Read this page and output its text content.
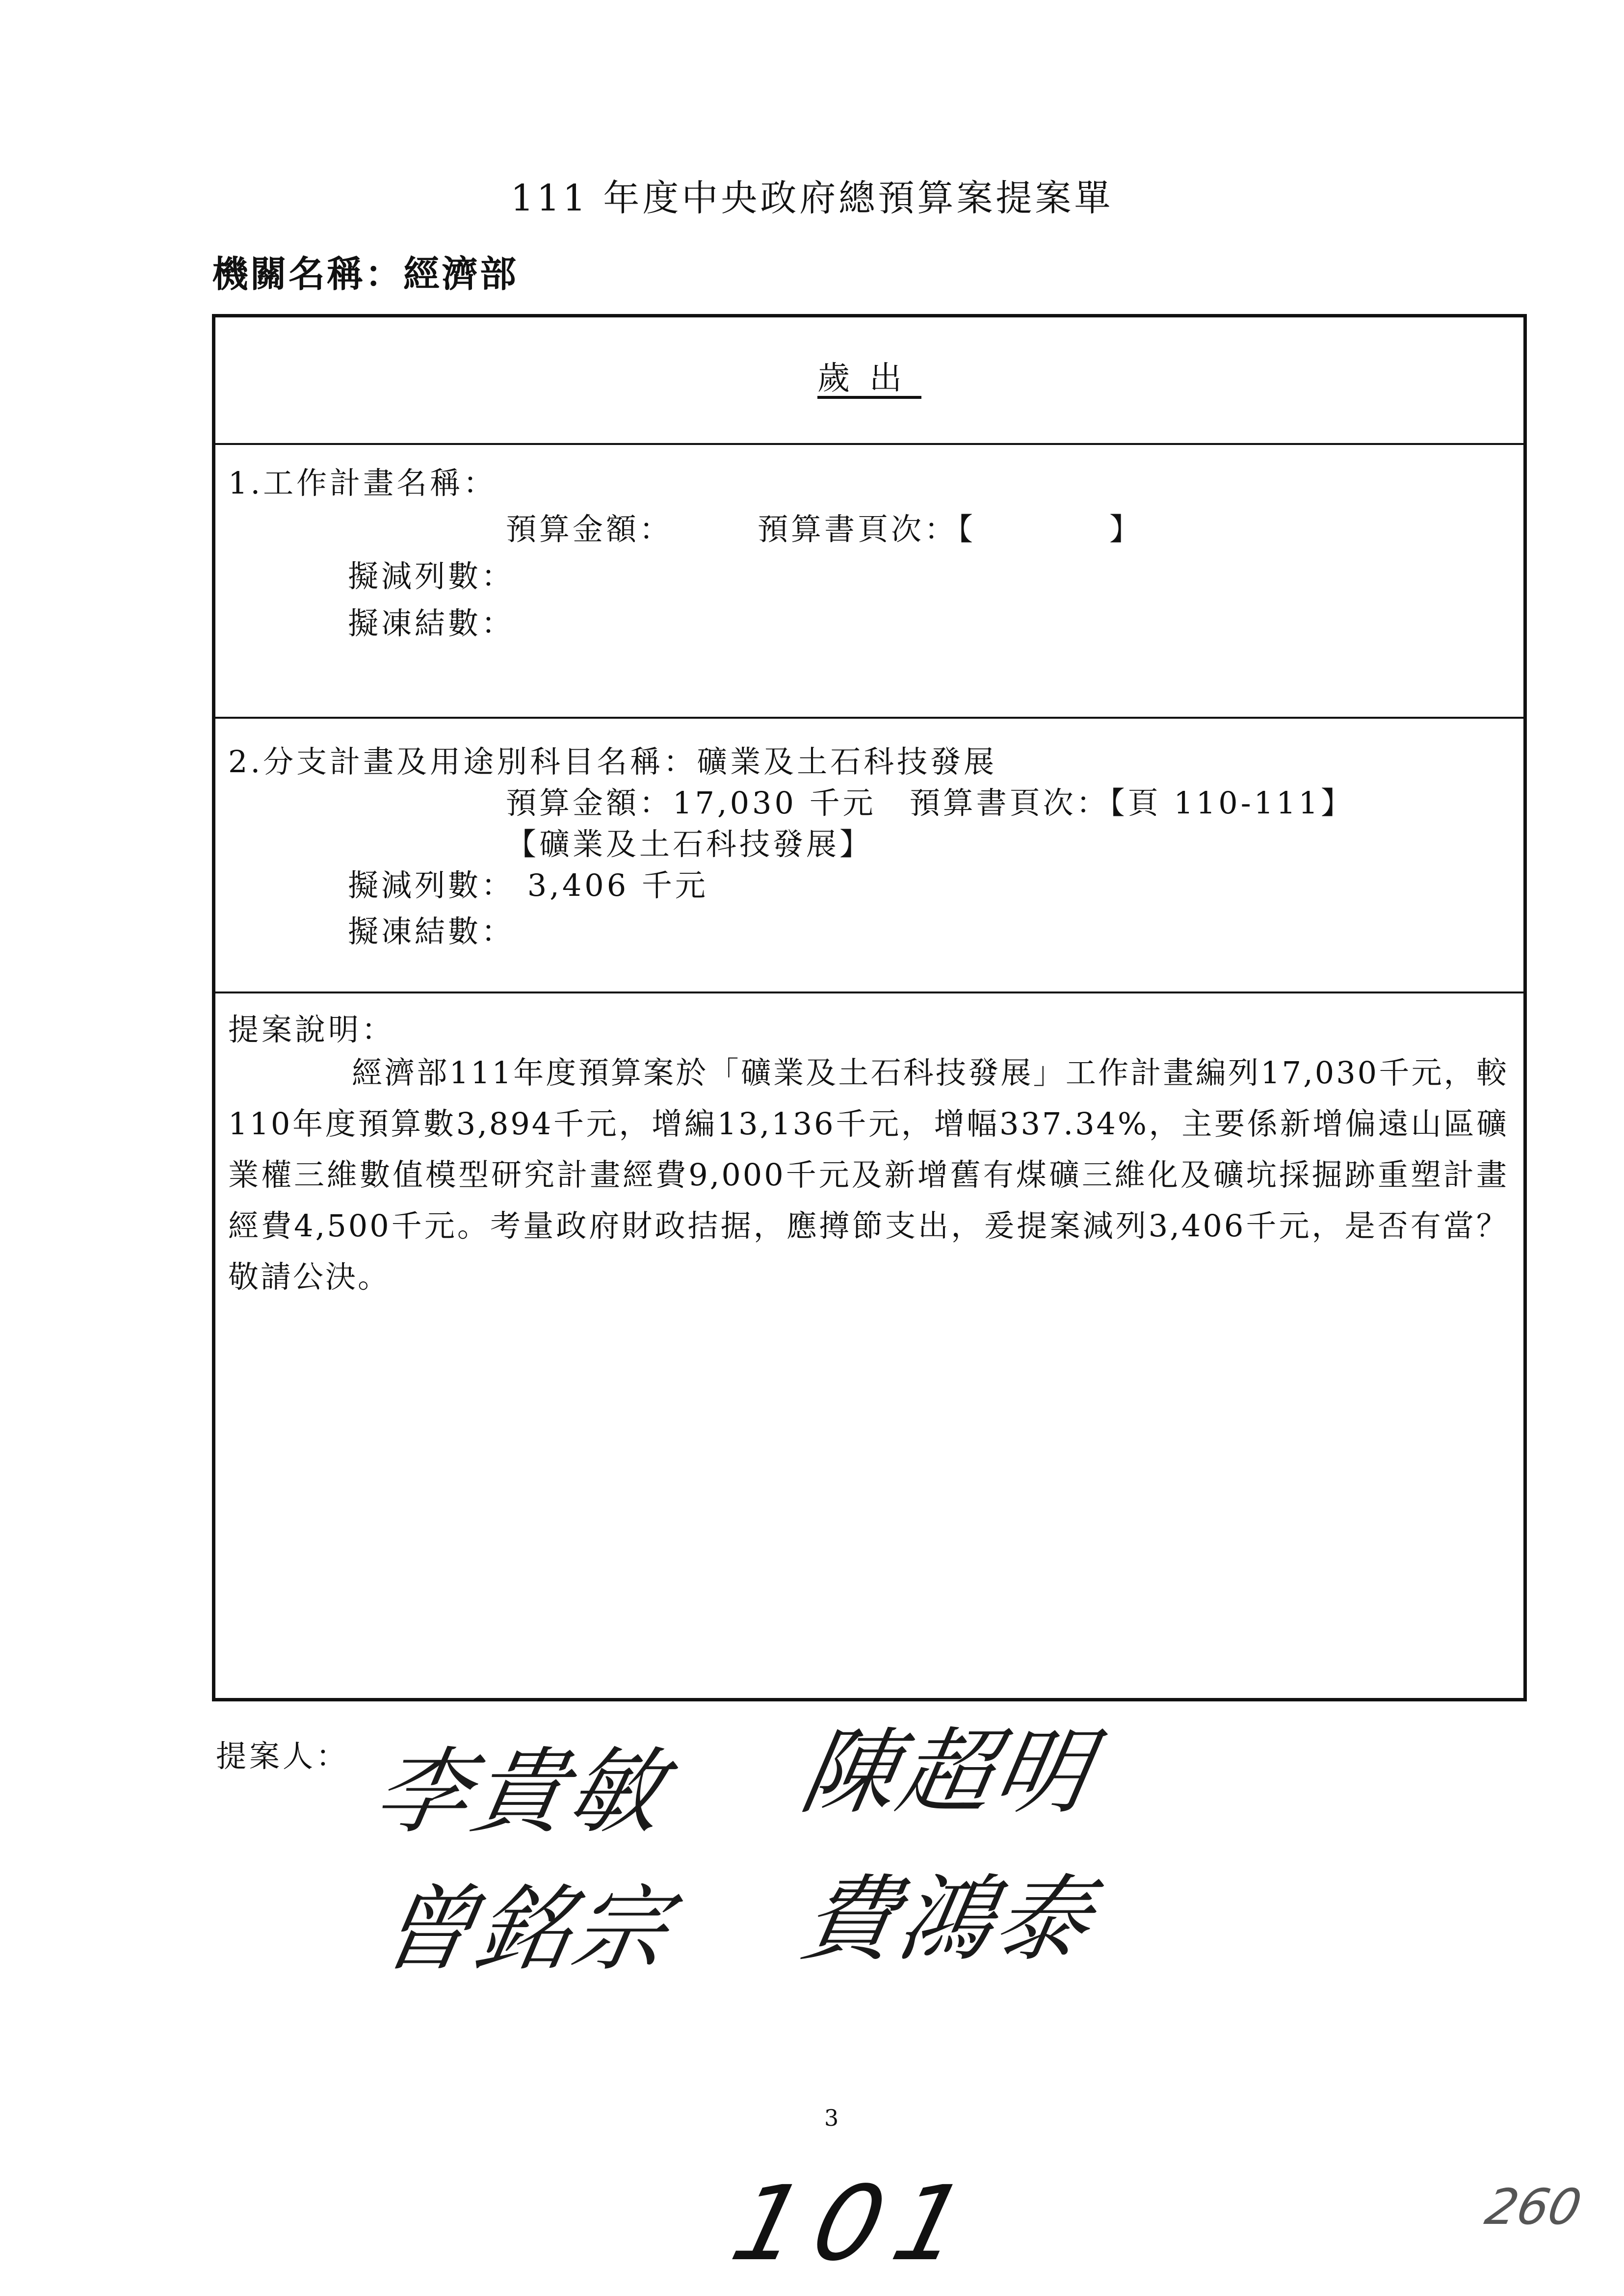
111 年度中央政府總預算案提案單
機關名稱：經濟部
歲出
1.工作計畫名稱：
預算金額：　　　預算書頁次：【　　　　】
擬減列數：
擬凍結數：
2.分支計畫及用途別科目名稱：礦業及土石科技發展
預算金額：17,030 千元　預算書頁次：【頁 110-111】
【礦業及土石科技發展】
擬減列數： 3,406 千元
擬凍結數：
提案說明：
經濟部111年度預算案於「礦業及土石科技發展」工作計畫編列17,030千元，較110年度預算數3,894千元，增編13,136千元，增幅337.34%，主要係新增偏遠山區礦業權三維數值模型研究計畫經費9,000千元及新增舊有煤礦三維化及礦坑採掘跡重塑計畫經費4,500千元。考量政府財政拮据，應撙節支出，爰提案減列3,406千元，是否有當？敬請公決。
提案人： 李貴敏 陳超明
曾銘宗 費鴻泰
3
101	260
